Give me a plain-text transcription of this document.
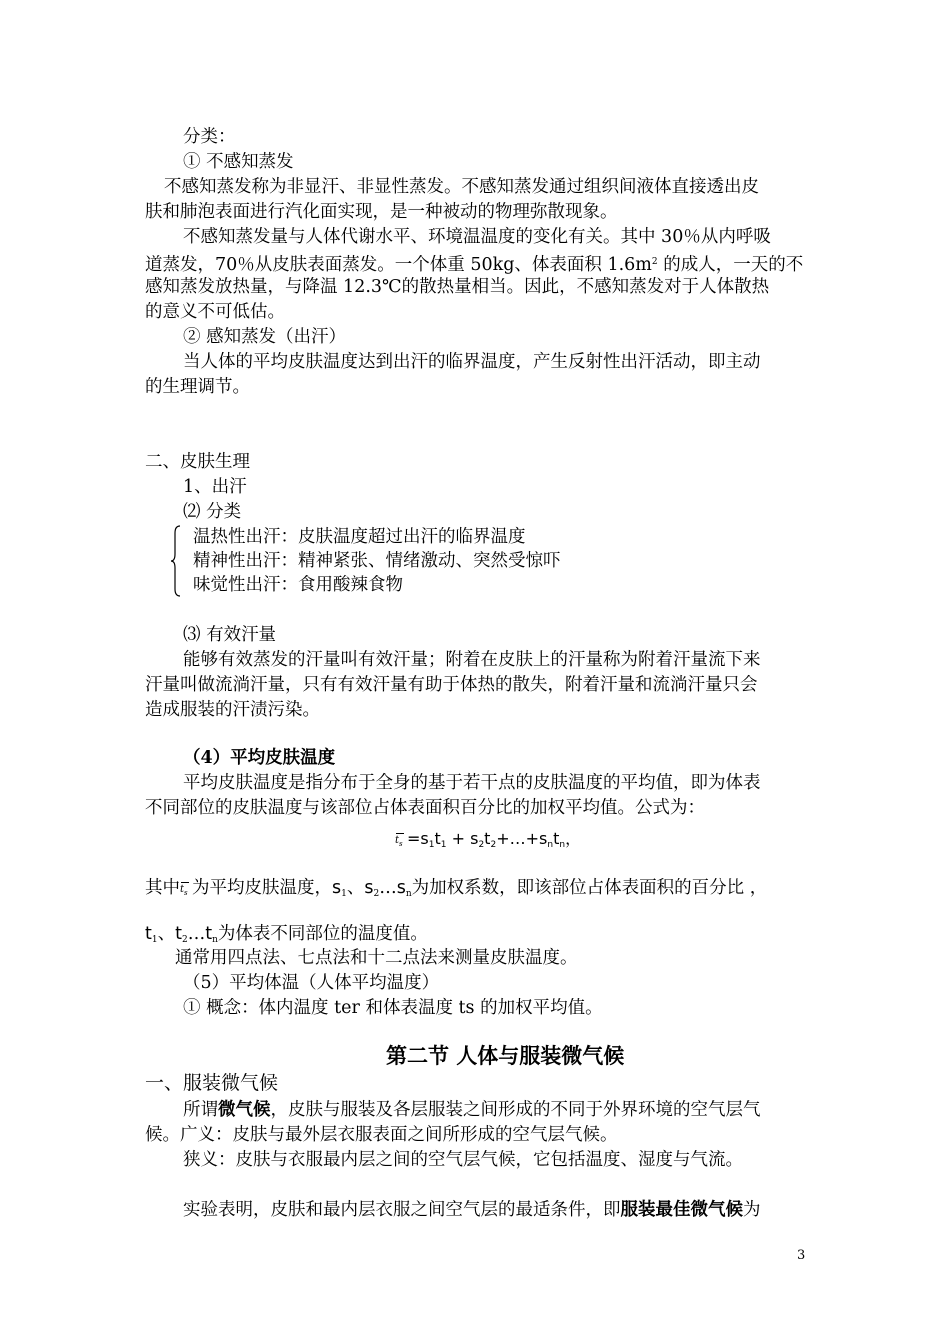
分类：
① 不感知蒸发
不感知蒸发称为非显汗、非显性蒸发。不感知蒸发通过组织间液体直接透出皮
肤和肺泡表面进行汽化面实现，是一种被动的物理弥散现象。
不感知蒸发量与人体代谢水平、环境温温度的变化有关。其中 30％从内呼吸
道蒸发，70％从皮肤表面蒸发。一个体重 50kg、体表面积 $1.6m^2$ 的成人，一天的不
感知蒸发放热量，与降温 12.3℃的散热量相当。因此，不感知蒸发对于人体散热
的意义不可低估。
② 感知蒸发（出汗）
当人体的平均皮肤温度达到出汗的临界温度，产生反射性出汗活动，即主动
的生理调节。
二、皮肤生理
1、出汗
⑵ 分类
温热性出汗：皮肤温度超过出汗的临界温度
精神性出汗：精神紧张、情绪激动、突然受惊吓
味觉性出汗：食用酸辣食物
⑶ 有效汗量
能够有效蒸发的汗量叫有效汗量；附着在皮肤上的汗量称为附着汗量流下来
汗量叫做流淌汗量，只有有效汗量有助于体热的散失，附着汗量和流淌汗量只会
造成服装的汗渍污染。
（4）平均皮肤温度
平均皮肤温度是指分布于全身的基于若干点的皮肤温度的平均值，即为体表
不同部位的皮肤温度与该部位占体表面积百分比的加权平均值。公式为：
$t_s =s_1t_1$ + $s_2t_2+\dots+s_nt_n$，
其中 $t_s$ 为平均皮肤温度，$s_1$、$s_2\dots s_n$为加权系数，即该部位占体表面积的百分比 ，
$t_1$、$t_2\dots t_n$为体表不同部位的温度值。
通常用四点法、七点法和十二点法来测量皮肤温度。
（5）平均体温（人体平均温度）
① 概念：体内温度 ter 和体表温度 ts 的加权平均值。
第二节 人体与服装微气候
一、服装微气候
所谓微气候，皮肤与服装及各层服装之间形成的不同于外界环境的空气层气
候。广义：皮肤与最外层衣服表面之间所形成的空气层气候。
狭义：皮肤与衣服最内层之间的空气层气候，它包括温度、湿度与气流。
实验表明，皮肤和最内层衣服之间空气层的最适条件，即服装最佳微气候为
3
